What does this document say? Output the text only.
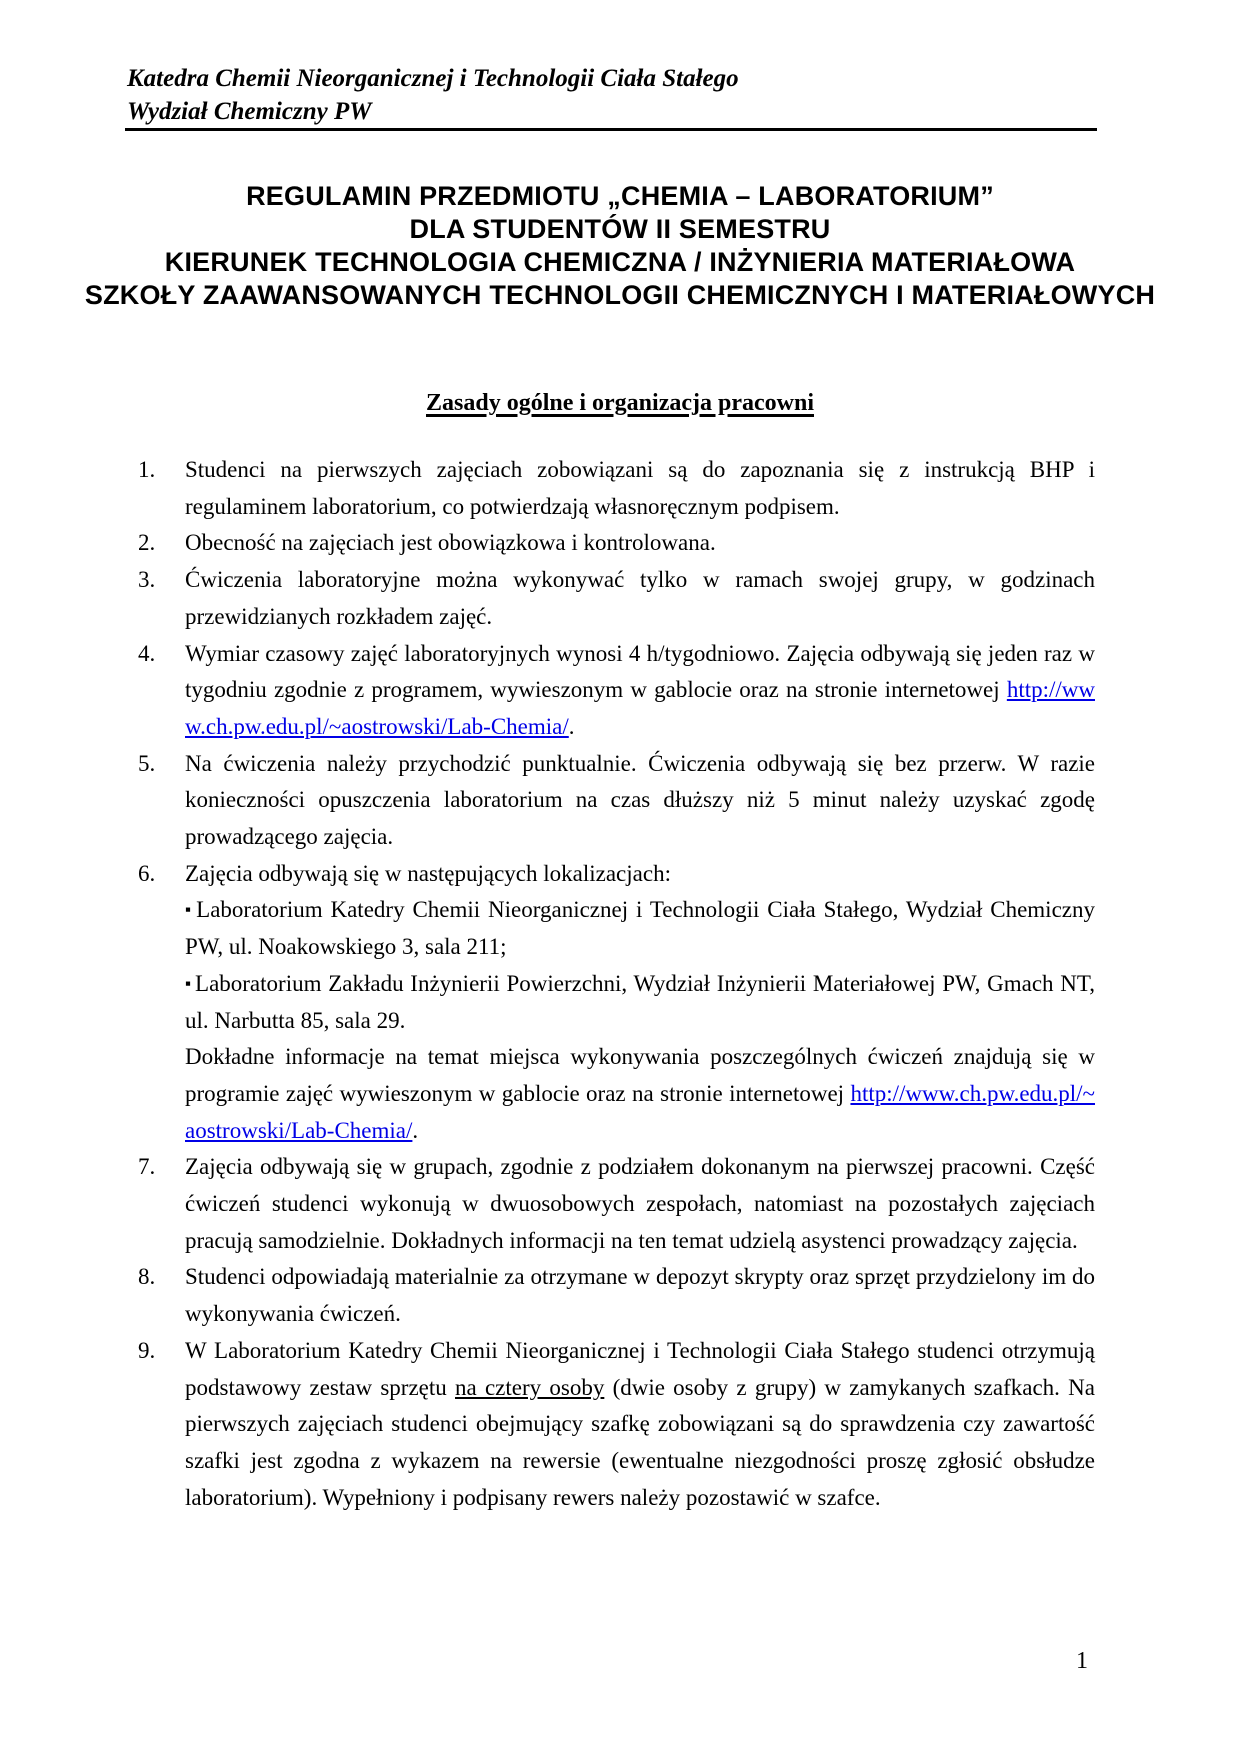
Katedra Chemii Nieorganicznej i Technologii Ciała Stałego
Wydział Chemiczny PW
REGULAMIN PRZEDMIOTU „CHEMIA – LABORATORIUM”
DLA STUDENTÓW II SEMESTRU
KIERUNEK TECHNOLOGIA CHEMICZNA / INŻYNIERIA MATERIAŁOWA
SZKOŁY ZAAWANSOWANYCH TECHNOLOGII CHEMICZNYCH I MATERIAŁOWYCH
Zasady ogólne i organizacja pracowni
1.	Studenci na pierwszych zajęciach zobowiązani są do zapoznania się z instrukcją BHP i regulaminem laboratorium, co potwierdzają własnoręcznym podpisem.
2.	Obecność na zajęciach jest obowiązkowa i kontrolowana.
3.	Ćwiczenia laboratoryjne można wykonywać tylko w ramach swojej grupy, w godzinach przewidzianych rozkładem zajęć.
4.	Wymiar czasowy zajęć laboratoryjnych wynosi 4 h/tygodniowo. Zajęcia odbywają się jeden raz w tygodniu zgodnie z programem, wywieszonym w gablocie oraz na stronie internetowej http://www.ch.pw.edu.pl/~aostrowski/Lab-Chemia/.
5.	Na ćwiczenia należy przychodzić punktualnie. Ćwiczenia odbywają się bez przerw. W razie konieczności opuszczenia laboratorium na czas dłuższy niż 5 minut należy uzyskać zgodę prowadzącego zajęcia.
6.	Zajęcia odbywają się w następujących lokalizacjach:
▪ Laboratorium Katedry Chemii Nieorganicznej i Technologii Ciała Stałego, Wydział Chemiczny PW, ul. Noakowskiego 3, sala 211;
▪ Laboratorium Zakładu Inżynierii Powierzchni, Wydział Inżynierii Materiałowej PW, Gmach NT, ul. Narbutta 85, sala 29.
Dokładne informacje na temat miejsca wykonywania poszczególnych ćwiczeń znajdują się w programie zajęć wywieszonym w gablocie oraz na stronie internetowej http://www.ch.pw.edu.pl/~aostrowski/Lab-Chemia/.
7.	Zajęcia odbywają się w grupach, zgodnie z podziałem dokonanym na pierwszej pracowni. Część ćwiczeń studenci wykonują w dwuosobowych zespołach, natomiast na pozostałych zajęciach pracują samodzielnie. Dokładnych informacji na ten temat udzielą asystenci prowadzący zajęcia.
8.	Studenci odpowiadają materialnie za otrzymane w depozyt skrypty oraz sprzęt przydzielony im do wykonywania ćwiczeń.
9.	W Laboratorium Katedry Chemii Nieorganicznej i Technologii Ciała Stałego studenci otrzymują podstawowy zestaw sprzętu na cztery osoby (dwie osoby z grupy) w zamykanych szafkach. Na pierwszych zajęciach studenci obejmujący szafkę zobowiązani są do sprawdzenia czy zawartość szafki jest zgodna z wykazem na rewersie (ewentualne niezgodności proszę zgłosić obsłudze laboratorium). Wypełniony i podpisany rewers należy pozostawić w szafce.
1
